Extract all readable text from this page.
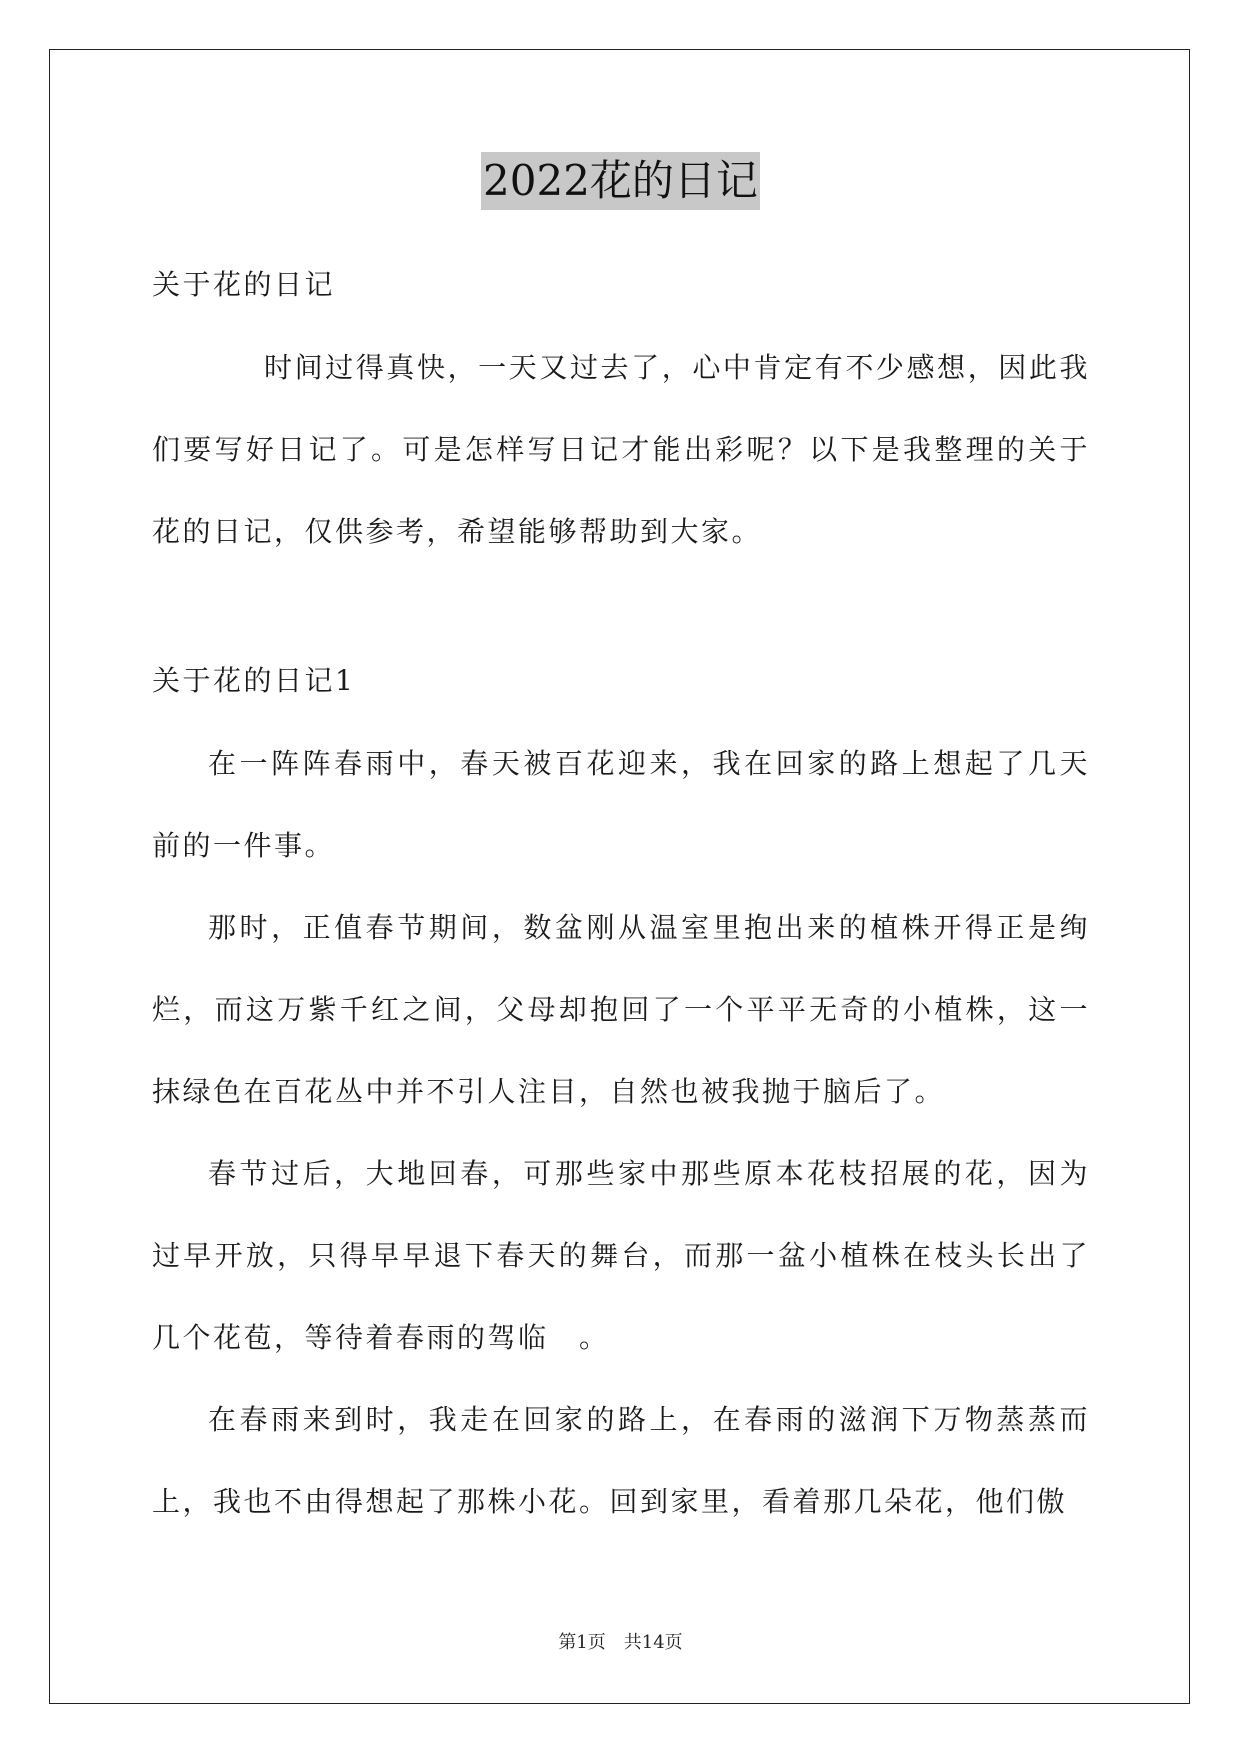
2022花的日记

关于花的日记

时间过得真快，一天又过去了，心中肯定有不少感想，因此我们要写好日记了。可是怎样写日记才能出彩呢？以下是我整理的关于花的日记，仅供参考，希望能够帮助到大家。

关于花的日记1

在一阵阵春雨中，春天被百花迎来，我在回家的路上想起了几天前的一件事。

那时，正值春节期间，数盆刚从温室里抱出来的植株开得正是绚烂，而这万紫千红之间，父母却抱回了一个平平无奇的小植株，这一抹绿色在百花丛中并不引人注目，自然也被我抛于脑后了。

春节过后，大地回春，可那些家中那些原本花枝招展的花，因为过早开放，只得早早退下春天的舞台，而那一盆小植株在枝头长出了几个花苞，等待着春雨的驾临　。

在春雨来到时，我走在回家的路上，在春雨的滋润下万物蒸蒸而上，我也不由得想起了那株小花。回到家里，看着那几朵花，他们傲

第1页　共14页
